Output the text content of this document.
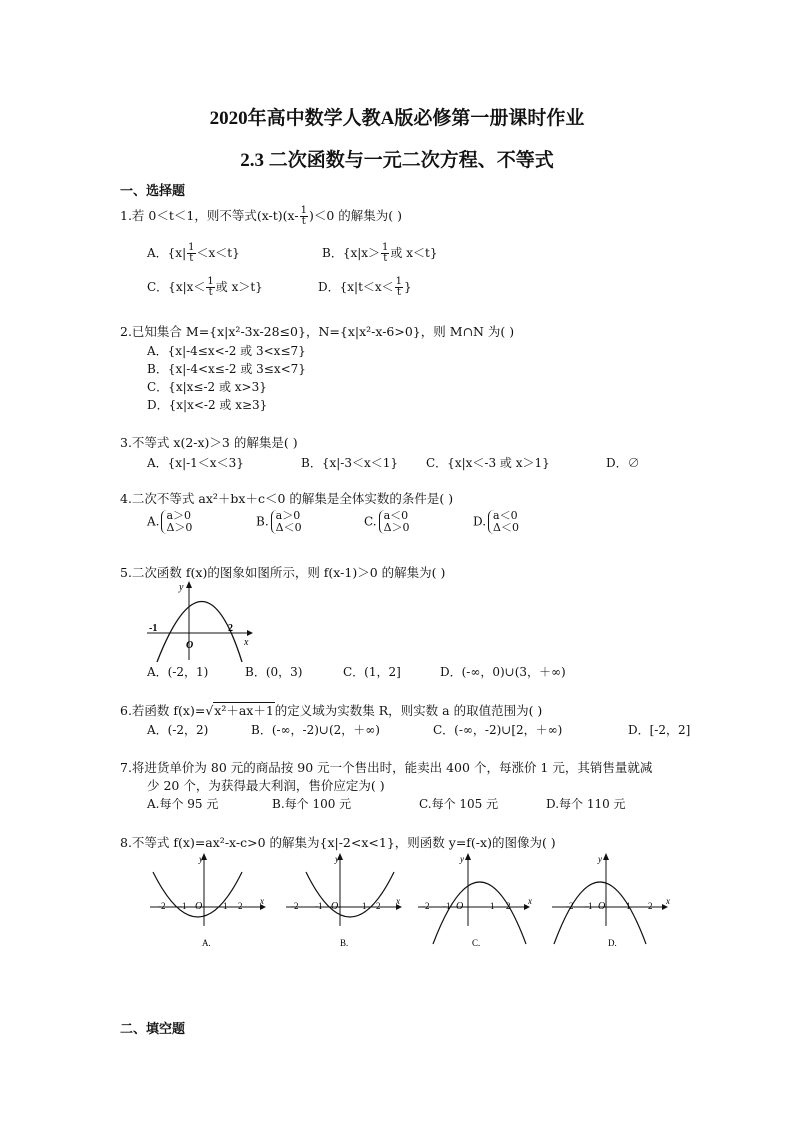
2020年高中数学人教A版必修第一册课时作业
2.3 二次函数与一元二次方程、不等式
一、选择题
1.若 0＜t＜1，则不等式$(x-t)(x- \frac{1}{t} )<0$ 的解集为( )
A．$\{x| \frac{1}{t} <x<t\}$	B．{$x|x> \frac{1}{t}$ 或 x＜t}
C．{$x|x< \frac{1}{t}$ 或 x＞t}	D．{$x|t<x< \frac{1}{t}$ }
2.已知集合 M={x|x²-3x-28≤0}，N={x|x²-x-6>0}，则 M∩N 为( )
A．{x|-4≤x<-2 或 3<x≤7}
B．{x|-4<x≤-2 或 3≤x<7}
C．{x|x≤-2 或 x>3}
D．{x|x<-2 或 x≥3}
3.不等式 x(2-x)＞3 的解集是( )
A．{x|-1＜x＜3}	B．{x|-3＜x＜1} C．{x|x＜-3 或 x＞1}	D．∅
4.二次不等式 ax²＋bx＋c＜0 的解集是全体实数的条件是( )
A. a＞0
Δ＞0	B. a＞0
Δ＜0	C. a＜0
Δ＞0	D. a＜0
Δ＜0
5.二次函数 f(x)的图象如图所示，则 f(x-1)＞0 的解集为( )
y
x
O
-1	2
A．(-2，1)	B．(0，3)	C．(1，2]	D．(-∞，0)∪(3，＋∞)
6.若函数 f(x)=√x²＋ax＋1的定义域为实数集 R，则实数 a 的取值范围为( )
A．(-2，2)	B．(-∞，-2)∪(2，＋∞)	C．(-∞，-2)∪[2，＋∞)	D．[-2，2]
7.将进货单价为 80 元的商品按 90 元一个售出时，能卖出 400 个，每涨价 1 元，其销售量就减
少 20 个，为获得最大利润，售价应定为( )
A.每个 95 元	B.每个 100 元	C.每个 105 元	D.每个 110 元
8.不等式 f(x)=ax²-x-c>0 的解集为{x|-2<x<1}，则函数 y=f(-x)的图像为( )
y
x
-2 -1 O 1 2
A.
y
x
-2 -1 O	1 2
B.
y
x
-2 -1 O	1 2
C.
y
x
-2 -1 O 1 2
D.
二、填空题
